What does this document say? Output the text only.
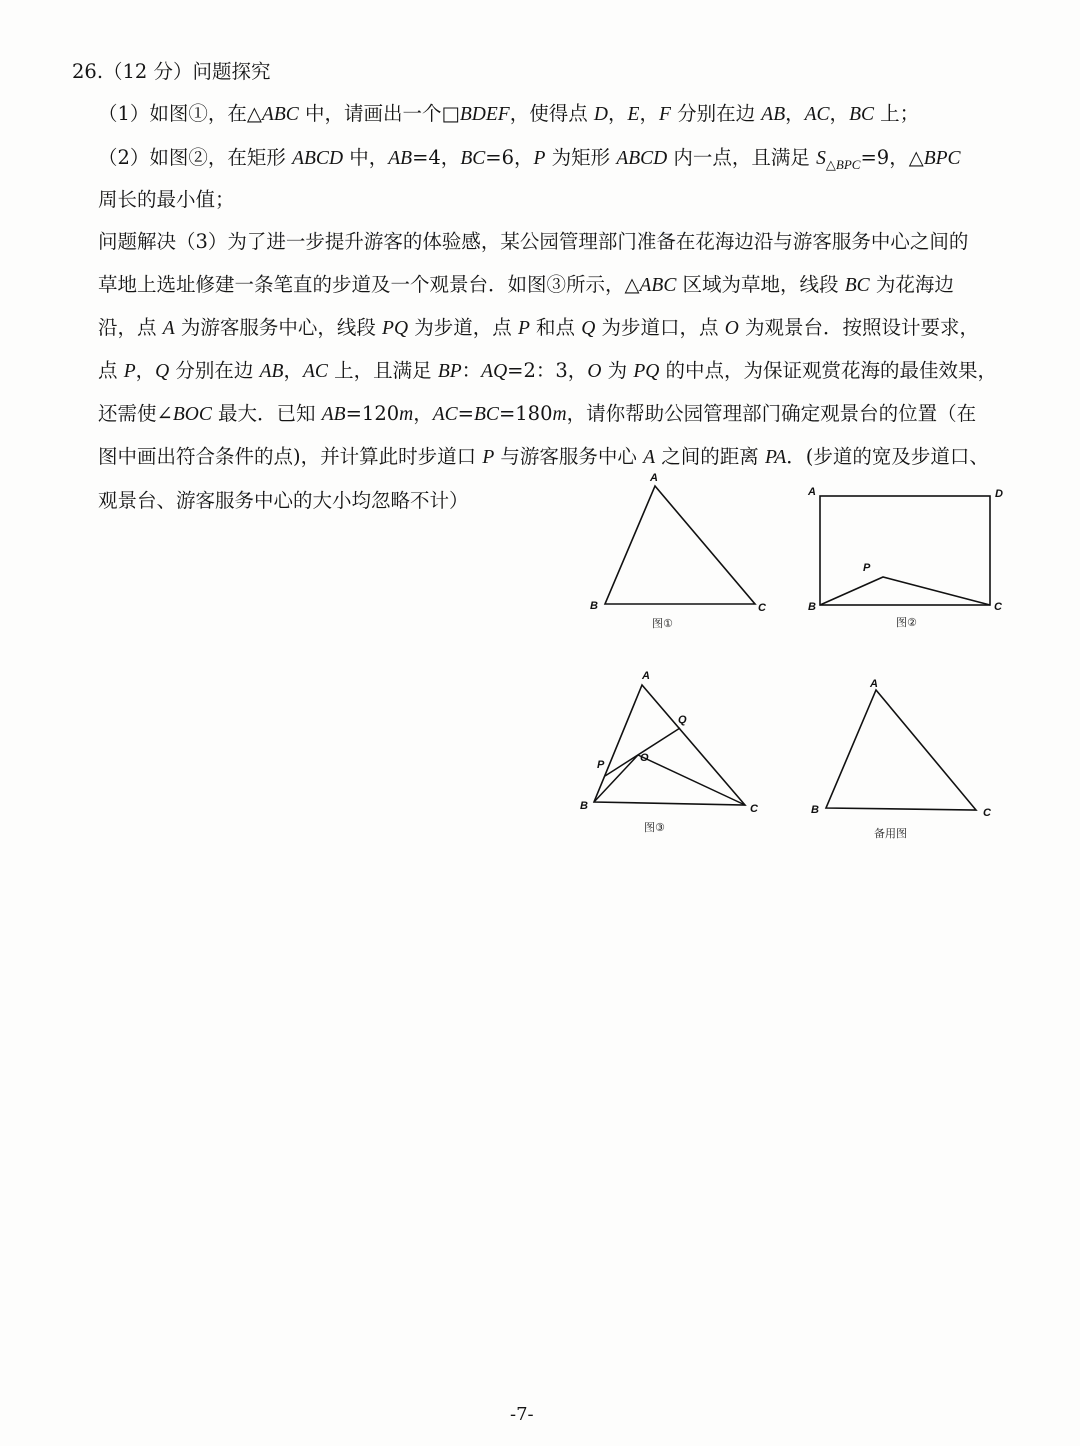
26.（12 分）问题探究
（1）如图①，在△ABC 中，请画出一个□BDEF，使得点 D，E，F 分别在边 AB，AC，BC 上；
（2）如图②，在矩形 ABCD 中，AB=4，BC=6，P 为矩形 ABCD 内一点，且满足 $S_{\triangle BPC}=9$，△BPC
周长的最小值；
问题解决（3）为了进一步提升游客的体验感，某公园管理部门准备在花海边沿与游客服务中心之间的
草地上选址修建一条笔直的步道及一个观景台．如图③所示，△ABC 区域为草地，线段 BC 为花海边
沿，点 A 为游客服务中心，线段 PQ 为步道，点 P 和点 Q 为步道口，点 O 为观景台．按照设计要求，
点 P，Q 分别在边 AB，AC 上，且满足 BP：AQ=2：3，O 为 PQ 的中点，为保证观赏花海的最佳效果，
还需使∠BOC 最大．已知 AB=120m，AC=BC=180m，请你帮助公园管理部门确定观景台的位置（在
图中画出符合条件的点)，并计算此时步道口 P 与游客服务中心 A 之间的距离 PA．(步道的宽及步道口、
观景台、游客服务中心的大小均忽略不计）
A
B	C
图①
A	D
P
B	C
图②
A
Q
O
P
B	C
图③
A
B	C
备用图
-7-
